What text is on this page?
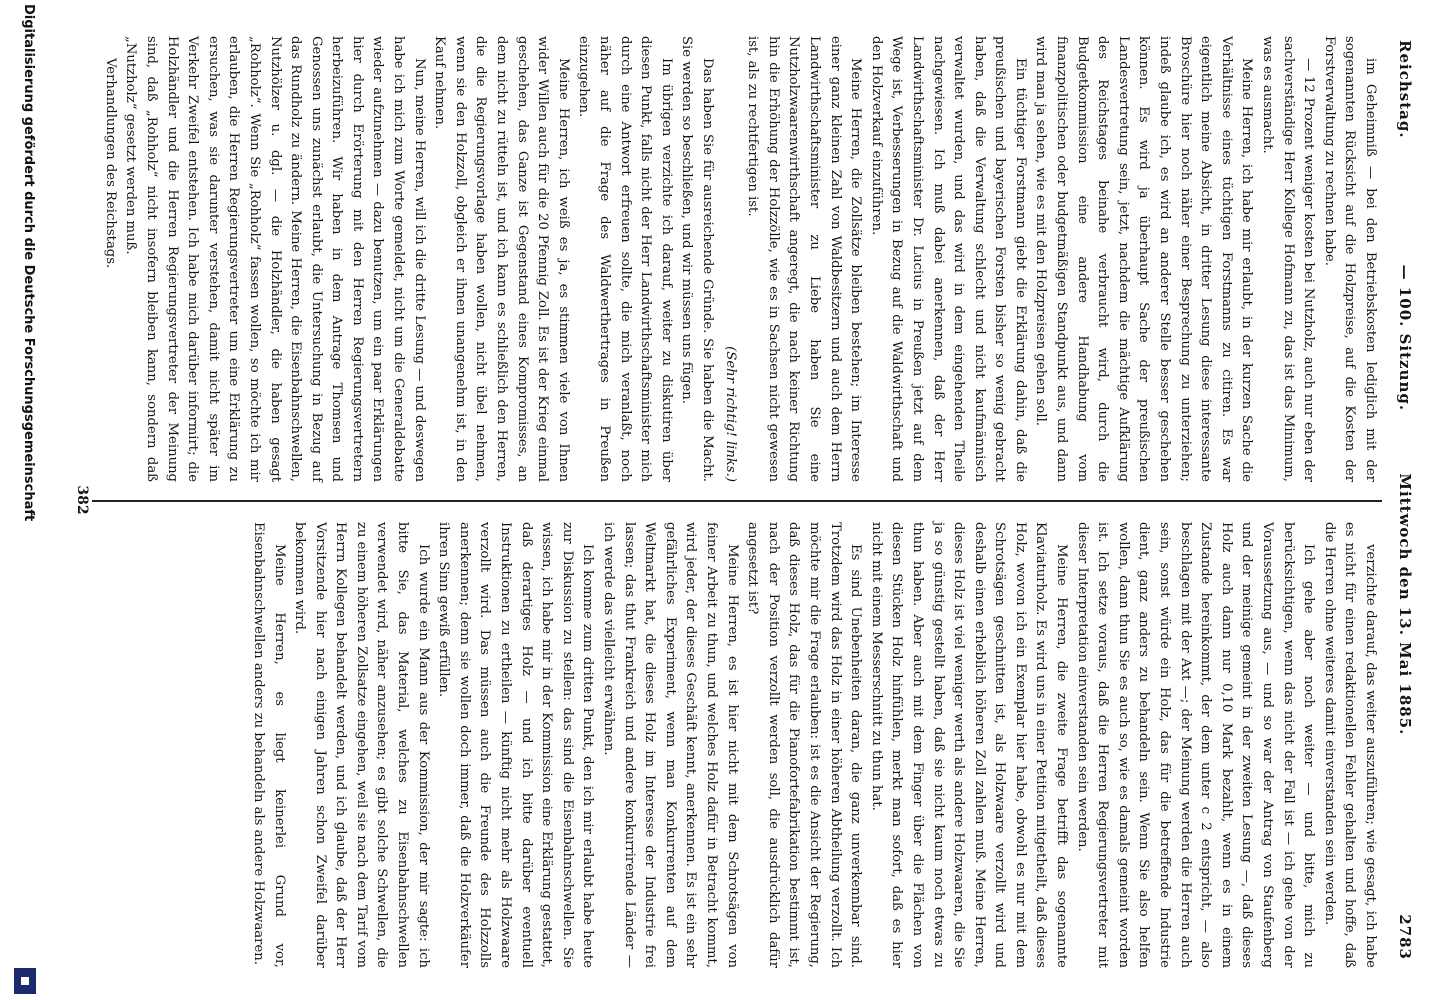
Reichstag.
— 100. Sitzung.          Mittwoch den 13. Mai 1885.
2783

im Geheimniß — bei den Betriebskosten lediglich mit der sogenannten Rücksicht auf die Holzpreise, auf die Kosten der Forstverwaltung zu rechnen habe.

— 12 Prozent weniger kosten bei Nutzholz, auch nur eben der sachverständige Herr Kollege Hofmann zu, das ist das Minimum, was es ausmacht.

Meine Herren, ich habe mir erlaubt, in der kurzen Sache die Verhältnisse eines tüchtigen Forstmanns zu citiren. Es war eigentlich meine Absicht, in dritter Lesung diese interessante Broschüre hier noch näher einer Besprechung zu unterziehen; indeß glaube ich, es wird an anderer Stelle besser geschehen können. Es wird ja überhaupt Sache der preußischen Landesvertretung sein, jetzt, nachdem die mächtige Aufklärung des Reichstages beinahe verbraucht wird, durch die Budgetkommission eine andere Handhabung vom finanzpolitischen oder budgetmäßigen Standpunkt aus, und dann wird man ja sehen, wie es mit den Holzpreisen gehen soll.

Ein tüchtiger Forstmann giebt die Erklärung dahin, daß die preußischen und bayerischen Forsten bisher so wenig gebracht haben, daß die Verwaltung schlecht und nicht kaufmännisch verwaltet wurden, und das wird in dem eingehenden Theile nachgewiesen. Ich muß dabei anerkennen, daß der Herr Landwirthschaftsminister Dr. Lucius in Preußen jetzt auf dem Wege ist, Verbesserungen in Bezug auf die Waldwirthschaft und den Holzverkauf einzuführen.

Meine Herren, die Zollsätze bleiben bestehen; im Interesse einer ganz kleinen Zahl von Waldbesitzern und auch dem Herrn Landwirthschaftsminister zu Liebe haben Sie eine Nutzholzwaarenwirthschaft angeregt, die nach keiner Richtung hin die Erhöhung der Holzzölle, wie es in Sachsen nicht gewesen ist, als zu rechtfertigen ist.

(Sehr richtig! links.)

Das haben Sie für ausreichende Gründe. Sie haben die Macht. Sie werden so beschließen, und wir müssen uns fügen.

Im übrigen verzichte ich darauf, weiter zu diskutiren über diesen Punkt, falls nicht der Herr Landwirthschaftsminister mich durch eine Antwort erfreuen sollte, die mich veranlaßt, noch näher auf die Frage des Waldwerthertrages in Preußen einzugehen.

Meine Herren, ich weiß es ja, es stimmen viele von Ihnen wider Willen auch für die 20 Pfennig Zoll. Es ist der Krieg einmal geschehen, das Ganze ist Gegenstand eines Kompromisses, an dem nicht zu rütteln ist, und ich kann es schließlich den Herren, die die Regierungsvorlage haben wollen, nicht übel nehmen, wenn sie den Holzzoll, obgleich er ihnen unangenehm ist, in den Kauf nehmen.

Nun, meine Herren, will ich die dritte Lesung — und deswegen habe ich mich zum Worte gemeldet, nicht um die Generaldebatte wieder aufzunehmen — dazu benutzen, um ein paar Erklärungen hier durch Erörterung mit den Herren Regierungsvertretern herbeizuführen. Wir haben in dem Antrage Thomsen und Genossen uns zunächst erlaubt, die Untersuchung in Bezug auf das Rundholz zu ändern. Meine Herren, die Eisenbahnschwellen, Nutzhölzer u. dgl. — die Holzhändler, die haben gesagt „Rohholz“. Wenn Sie „Rohholz“ fassen wollen, so möchte ich mir erlauben, die Herren Regierungsvertreter um eine Erklärung zu ersuchen, was sie darunter verstehen, damit nicht später im Verkehr Zweifel entstehen. Ich habe mich darüber informirt; die Holzhändler und die Herren Regierungsvertreter der Meinung sind, daß „Rohholz“ nicht insofern bleiben kann, sondern daß „Nutzholz“ gesetzt werden muß.

Verhandlungen des Reichstags.

verzichte darauf, das weiter auszuführen; wie gesagt, ich habe es nicht für einen redaktionellen Fehler gehalten und hoffe, daß die Herren ohne weiteres damit einverstanden sein werden.

Ich gehe aber noch weiter — und bitte, mich zu berücksichtigen, wenn das nicht der Fall ist — ich gehe von der Voraussetzung aus, — und so war der Antrag von Staufenberg und der meinige gemeint in der zweiten Lesung —, daß dieses Holz auch dann nur 0,10 Mark bezahlt, wenn es in einem Zustande hereinkommt, der dem unter c 2 entspricht, — also beschlagen mit der Axt —; der Meinung werden die Herren auch sein, sonst würde ein Holz, das für die betreffende Industrie dient, ganz anders zu behandeln sein. Wenn Sie also helfen wollen, dann thun Sie es auch so, wie es damals gemeint worden ist. Ich setze voraus, daß die Herren Regierungsvertreter mit dieser Interpretation einverstanden sein werden.

Meine Herren, die zweite Frage betrifft das sogenannte Klaviaturholz. Es wird uns in einer Petition mitgetheilt, daß dieses Holz, wovon ich ein Exemplar hier habe, obwohl es nur mit dem Schrotsägen geschnitten ist, als Holzwaare verzollt wird und deshalb einen erheblich höheren Zoll zahlen muß. Meine Herren, dieses Holz ist viel weniger werth als andere Holzwaaren, die Sie ja so günstig gestellt haben, daß sie nicht kaum noch etwas zu thun haben. Aber auch mit dem Finger über die Flächen von diesen Stücken Holz hinfühlen, merkt man sofort, daß es hier nicht mit einem Messerschnitt zu thun hat.

Es sind Unebenheiten daran, die ganz unverkennbar sind. Trotzdem wird das Holz in einer höheren Abtheilung verzollt. Ich möchte mir die Frage erlauben: ist es die Ansicht der Regierung, daß dieses Holz, das für die Pianofortefabrikation bestimmt ist, nach der Position verzollt werden soll, die ausdrücklich dafür angesetzt ist?

Meine Herren, es ist hier nicht mit dem Schrotsägen von feiner Arbeit zu thun, und welches Holz dafür in Betracht kommt, wird jeder, der dieses Geschäft kennt, anerkennen. Es ist ein sehr gefährliches Experiment, wenn man Konkurrenten auf dem Weltmarkt hat, die dieses Holz im Interesse der Industrie frei lassen; das thut Frankreich und andere konkurrirende Länder — ich werde das vielleicht erwähnen.

Ich komme zum dritten Punkt, den ich mir erlaubt habe heute zur Diskussion zu stellen: das sind die Eisenbahnschwellen. Sie wissen, ich habe mir in der Kommission eine Erklärung gestattet, daß derartiges Holz — und ich bitte darüber eventuell Instruktionen zu ertheilen — künftig nicht mehr als Holzwaare verzollt wird. Das müssen auch die Freunde des Holzzolls anerkennen; denn sie wollen doch immer, daß die Holzverkäufer ihren Sinn gewiß erfüllen.

Ich wurde ein Mann aus der Kommission, der mir sagte: ich bitte Sie, das Material, welches zu Eisenbahnschwellen verwendet wird, näher anzusehen; es gibt solche Schwellen, die zu einem höheren Zollsatze eingehen, weil sie nach dem Tarif vom Herrn Kollegen behandelt werden, und ich glaube, daß der Herr Vorsitzende hier nach einigen Jahren schon Zweifel darüber bekommen wird.

Meine Herren, es liegt keinerlei Grund vor, Eisenbahnschwellen anders zu behandeln als andere Holzwaaren.

382
Digitalisierung gefördert durch die Deutsche Forschungsgemeinschaft
